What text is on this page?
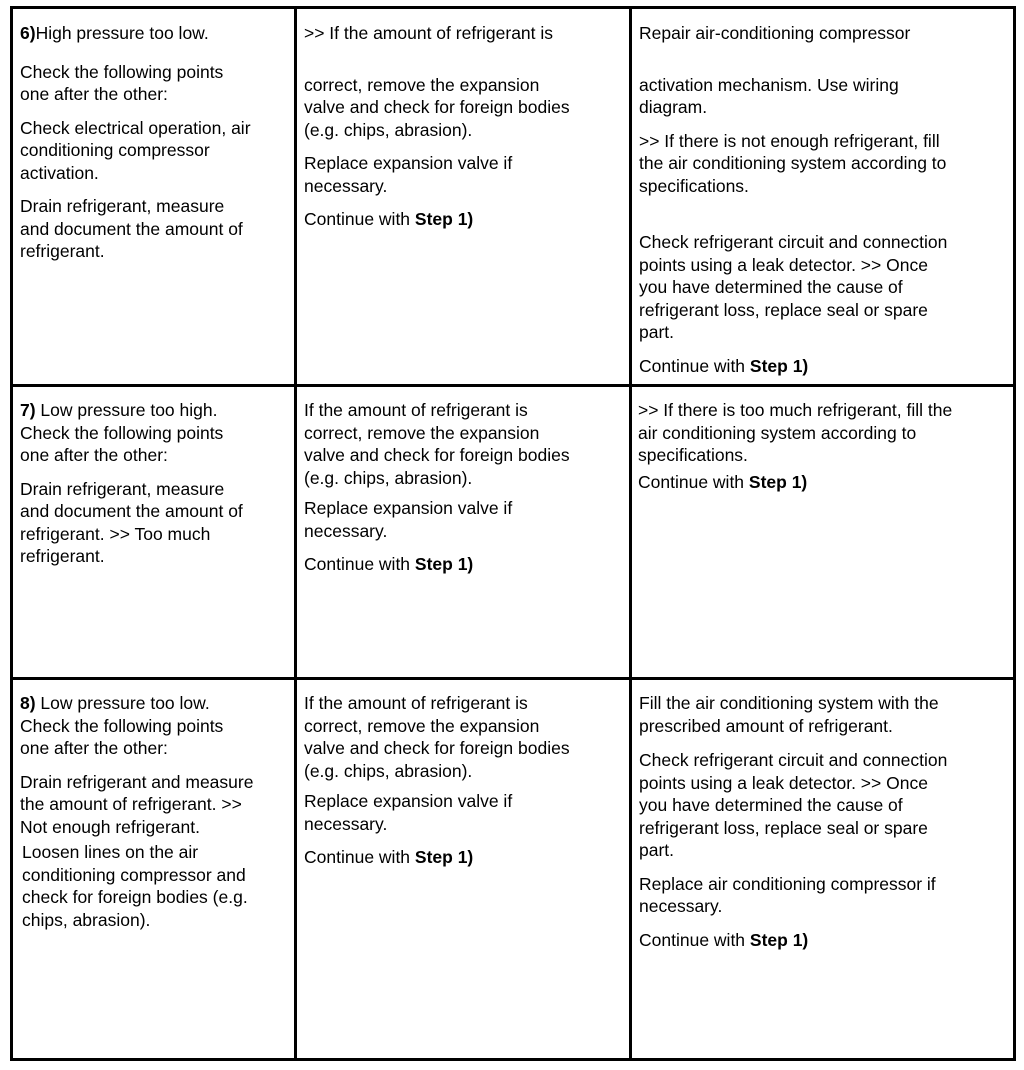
6)High pressure too low.

Check the following points
one after the other:

Check electrical operation, air
conditioning compressor
activation.

Drain refrigerant, measure
and document the amount of
refrigerant.

>> If the amount of refrigerant is

correct, remove the expansion
valve and check for foreign bodies
(e.g. chips, abrasion).

Replace expansion valve if
necessary.

Continue with Step 1)

Repair air-conditioning compressor

activation mechanism. Use wiring
diagram.

>> If there is not enough refrigerant, fill
the air conditioning system according to
specifications.

Check refrigerant circuit and connection
points using a leak detector. >> Once
you have determined the cause of
refrigerant loss, replace seal or spare
part.

Continue with Step 1)

7) Low pressure too high.
Check the following points
one after the other:

Drain refrigerant, measure
and document the amount of
refrigerant. >> Too much
refrigerant.

If the amount of refrigerant is
correct, remove the expansion
valve and check for foreign bodies
(e.g. chips, abrasion).

Replace expansion valve if
necessary.

Continue with Step 1)

>> If there is too much refrigerant, fill the
air conditioning system according to
specifications.

Continue with Step 1)

8) Low pressure too low.
Check the following points
one after the other:

Drain refrigerant and measure
the amount of refrigerant. >>
Not enough refrigerant.

Loosen lines on the air
conditioning compressor and
check for foreign bodies (e.g.
chips, abrasion).

If the amount of refrigerant is
correct, remove the expansion
valve and check for foreign bodies
(e.g. chips, abrasion).

Replace expansion valve if
necessary.

Continue with Step 1)

Fill the air conditioning system with the
prescribed amount of refrigerant.

Check refrigerant circuit and connection
points using a leak detector. >> Once
you have determined the cause of
refrigerant loss, replace seal or spare
part.

Replace air conditioning compressor if
necessary.

Continue with Step 1)
